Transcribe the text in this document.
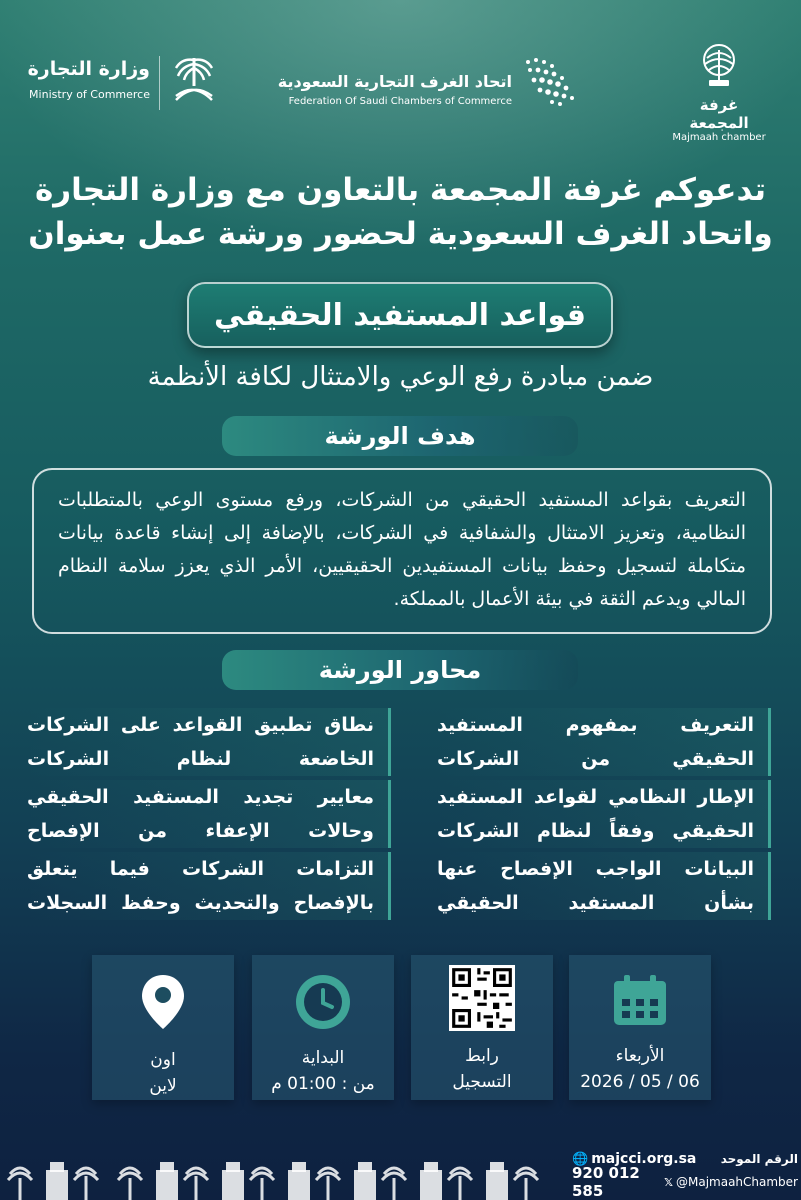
غرفة المجمعة
Majmaah chamber
اتحاد الغرف التجارية السعودية
Federation Of Saudi Chambers of Commerce
وزارة التجارة
Ministry of Commerce
تدعوكم غرفة المجمعة بالتعاون مع وزارة التجارة
واتحاد الغرف السعودية لحضور ورشة عمل بعنوان
قواعد المستفيد الحقيقي
ضمن مبادرة رفع الوعي والامتثال لكافة الأنظمة
هدف الورشة

التعريف بقواعد المستفيد الحقيقي من الشركات، ورفع مستوى الوعي بالمتطلبات النظامية، وتعزيز الامتثال والشفافية في الشركات، بالإضافة إلى إنشاء قاعدة بيانات متكاملة لتسجيل وحفظ بيانات المستفيدين الحقيقيين، الأمر الذي يعزز سلامة النظام المالي ويدعم الثقة في بيئة الأعمال بالمملكة.

محاور الورشة
التعريف بمفهوم المستفيد
الحقيقي من الشركات
نطاق تطبيق القواعد على الشركات
الخاضعة لنظام الشركات
الإطار النظامي لقواعد المستفيد
الحقيقي وفقاً لنظام الشركات
معايير تجديد المستفيد الحقيقي
وحالات الإعفاء من الإفصاح
البيانات الواجب الإفصاح عنها
بشأن المستفيد الحقيقي
التزامات الشركات فيما يتعلق
بالإفصاح والتحديث وحفظ السجلات
الأربعاء
2026 / 05 / 06
رابط
التسجيل
البداية
من : 01:00 م
اون
لاين
الرقم الموحد
🌐 majcci.org.sa
𝕏 @MajmaahChamber
920 012 585
